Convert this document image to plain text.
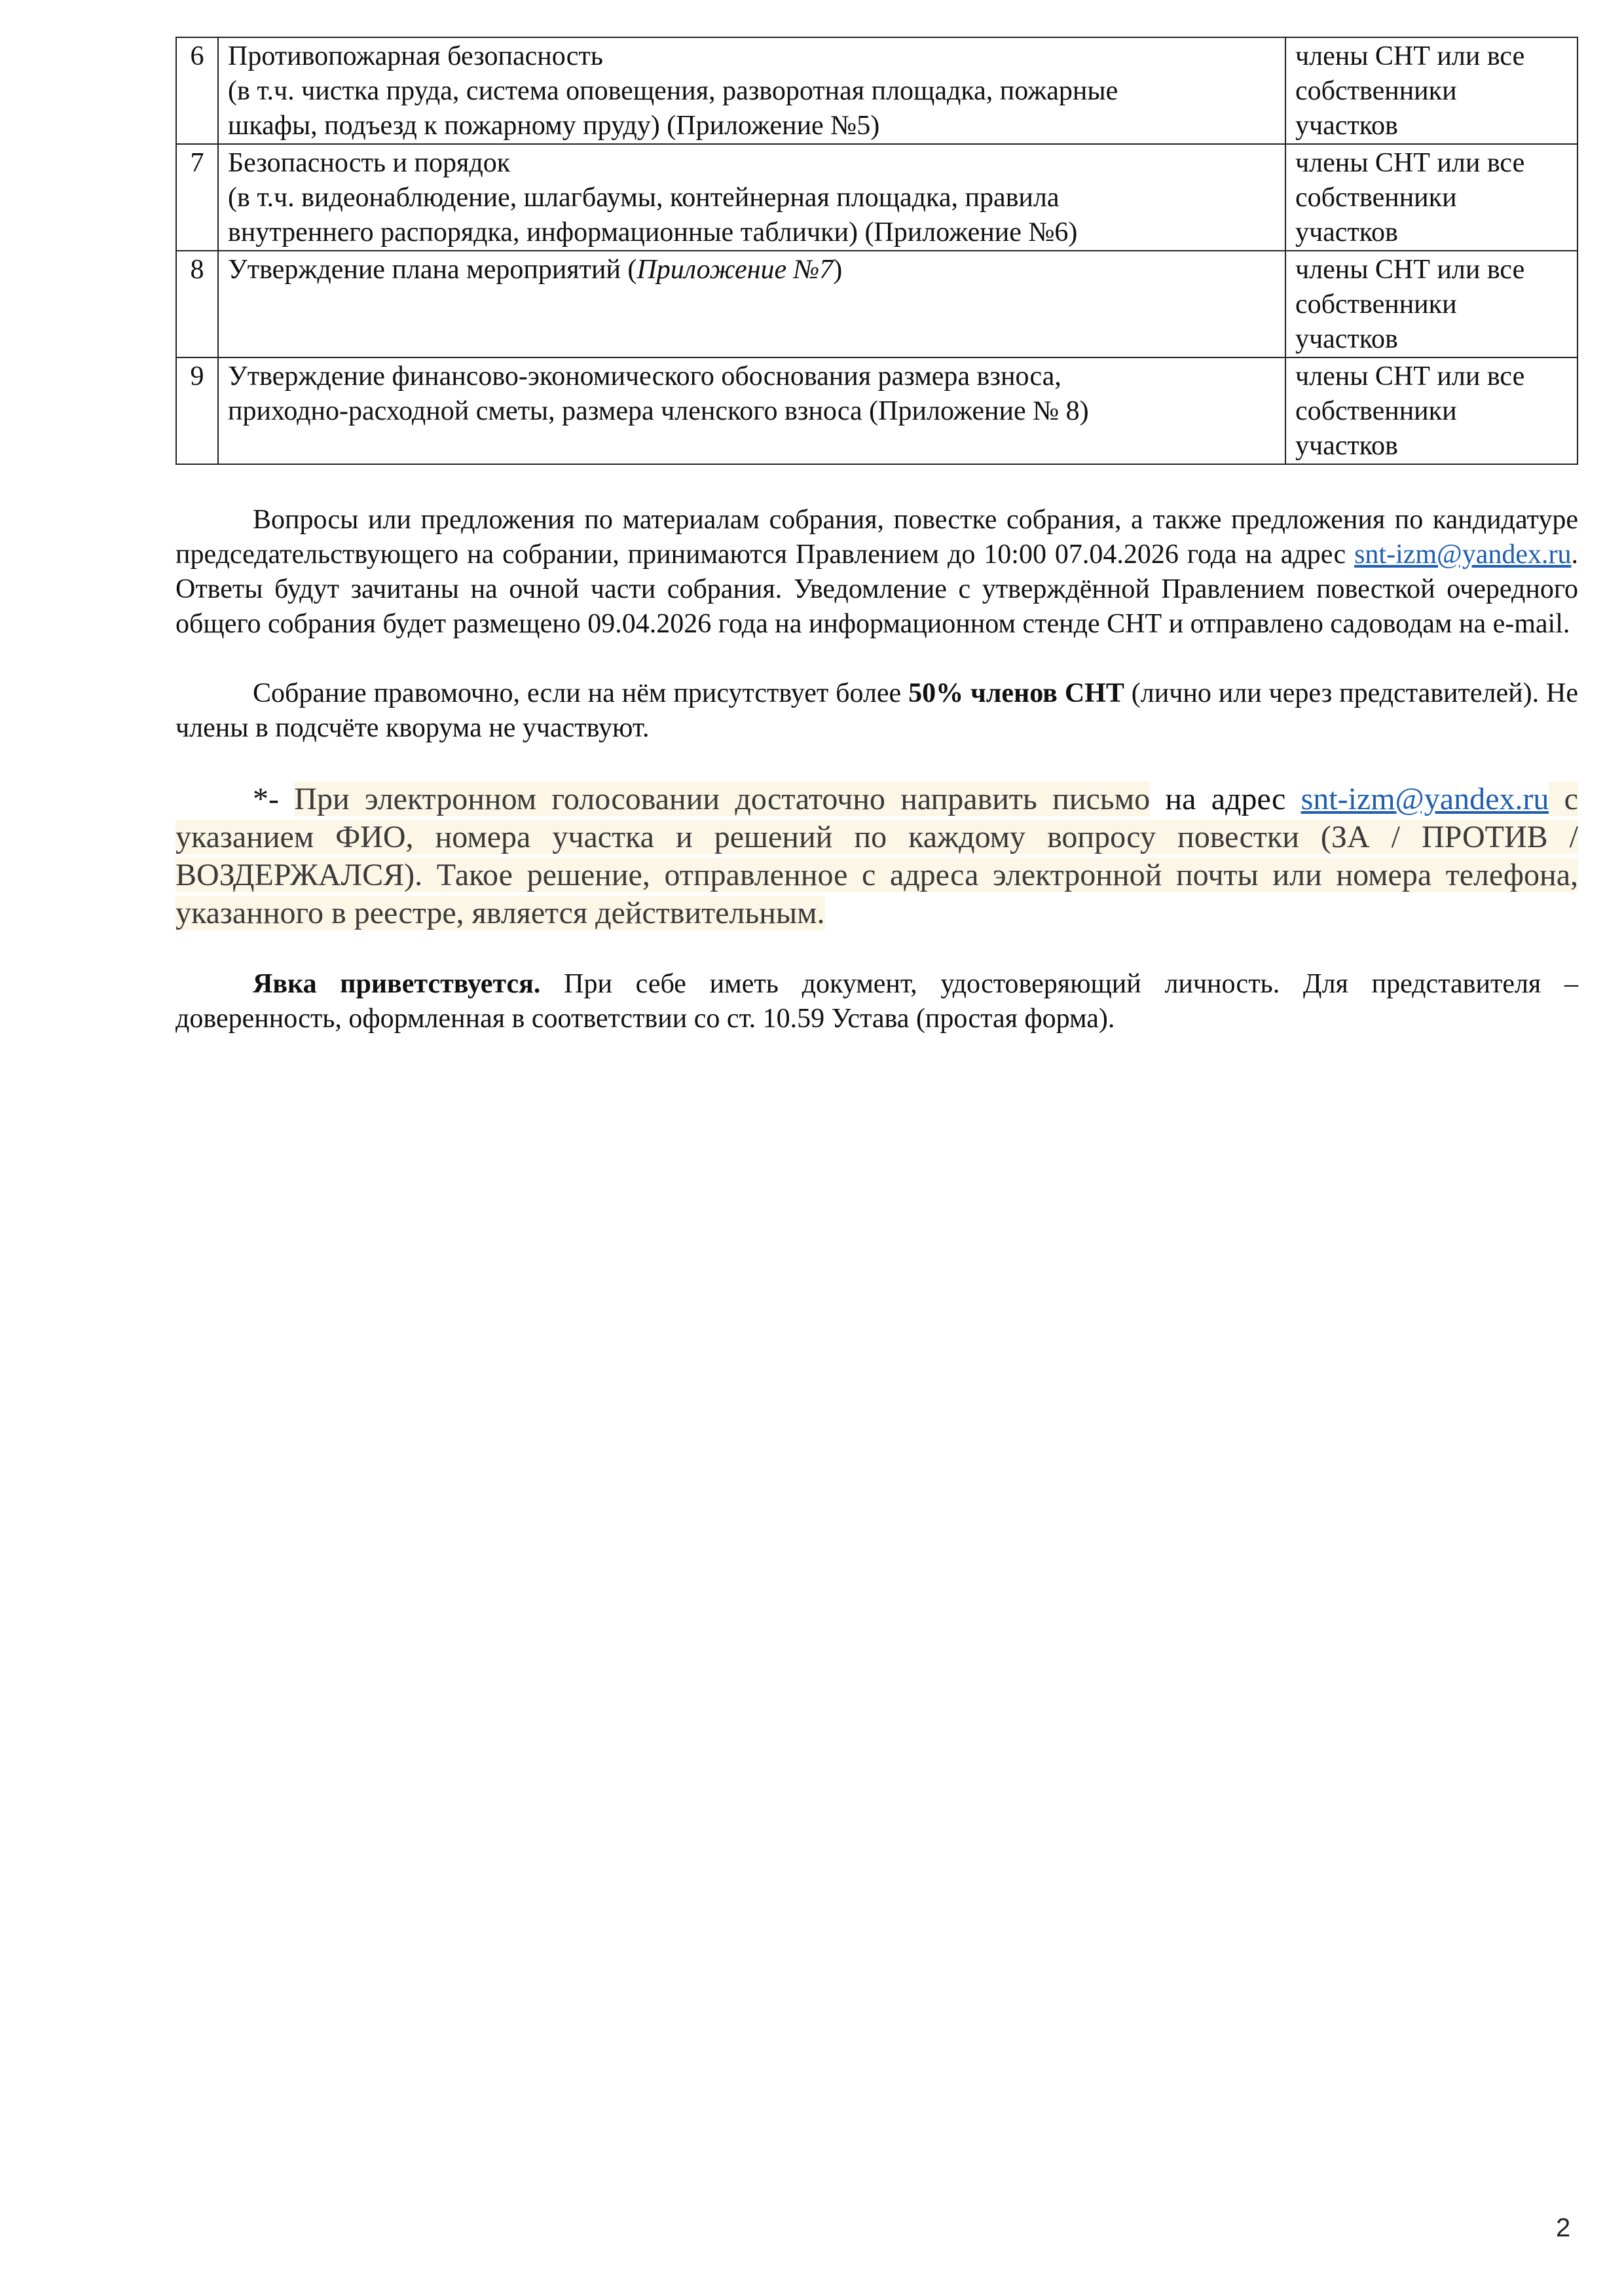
6	Противопожарная безопасность
(в т.ч. чистка пруда, система оповещения, разворотная площадка, пожарные
шкафы, подъезд к пожарному пруду) (Приложение №5)	члены СНТ или все
собственники
участков

7	Безопасность и порядок
(в т.ч. видеонаблюдение, шлагбаумы, контейнерная площадка, правила
внутреннего распорядка, информационные таблички) (Приложение №6)	члены СНТ или все
собственники
участков

8	Утверждение плана мероприятий (Приложение №7)	члены СНТ или все
собственники
участков

9	Утверждение финансово-экономического обоснования размера взноса,
приходно-расходной сметы, размера членского взноса (Приложение № 8)	члены СНТ или все
собственники
участков

Вопросы или предложения по материалам собрания, повестке собрания, а также предложения по кандидатуре председательствующего на собрании, принимаются Правлением до 10:00 07.04.2026 года на адрес snt-izm@yandex.ru. Ответы будут зачитаны на очной части собрания. Уведомление с утверждённой Правлением повесткой очередного общего собрания будет размещено 09.04.2026 года на информационном стенде СНТ и отправлено садоводам на e-mail.

Собрание правомочно, если на нём присутствует более 50% членов СНТ (лично или через представителей). Не члены в подсчёте кворума не участвуют.

*- При электронном голосовании достаточно направить письмо на адрес snt-izm@yandex.ru с указанием ФИО, номера участка и решений по каждому вопросу повестки (ЗА / ПРОТИВ / ВОЗДЕРЖАЛСЯ). Такое решение, отправленное с адреса электронной почты или номера телефона, указанного в реестре, является действительным.

Явка приветствуется. При себе иметь документ, удостоверяющий личность. Для представителя – доверенность, оформленная в соответствии со ст. 10.59 Устава (простая форма).

2
